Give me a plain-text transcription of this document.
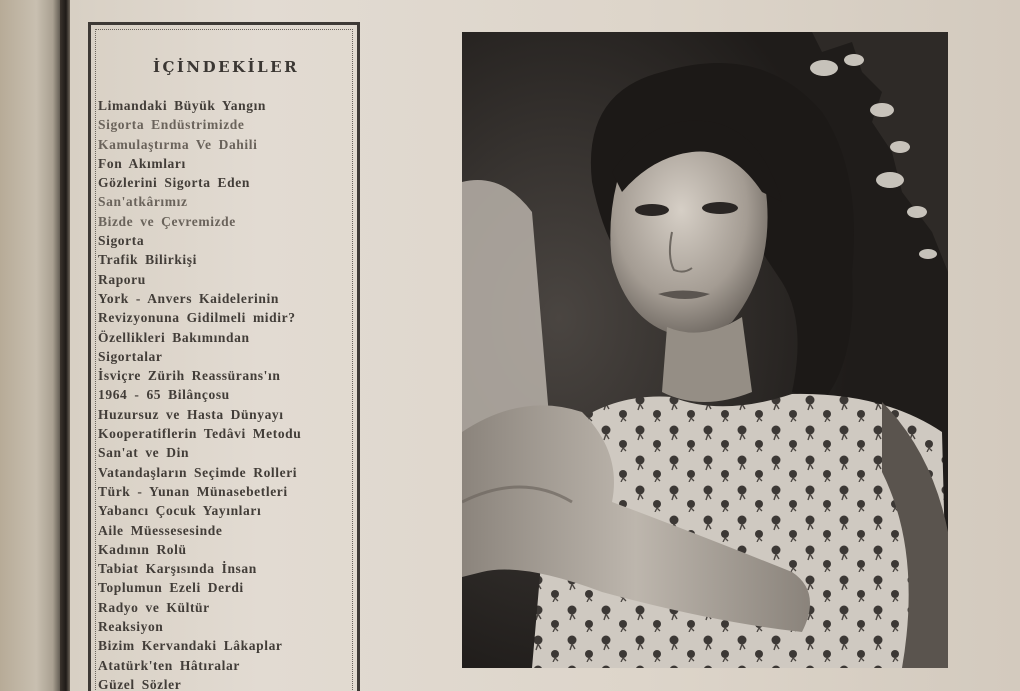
İÇİNDEKİLER
Limandaki Büyük Yangın
Sigorta Endüstrimizde
Kamulaştırma Ve Dahili
Fon Akımları
Gözlerini Sigorta Eden
San'atkârımız
Bizde ve Çevremizde
Sigorta
Trafik Bilirkişi
Raporu
York - Anvers Kaidelerinin
Revizyonuna Gidilmeli midir?
Özellikleri Bakımından
Sigortalar
İsviçre Zürih Reassürans'ın
1964 - 65 Bilânçosu
Huzursuz ve Hasta Dünyayı
Kooperatiflerin Tedâvi Metodu
San'at ve Din
Vatandaşların Seçimde Rolleri
Türk - Yunan Münasebetleri
Yabancı Çocuk Yayınları
Aile Müessesesinde
Kadının Rolü
Tabiat Karşısında İnsan
Toplumun Ezeli Derdi
Radyo ve Kültür
Reaksiyon
Bizim Kervandaki Lâkaplar
Atatürk'ten Hâtıralar
Güzel Sözler
